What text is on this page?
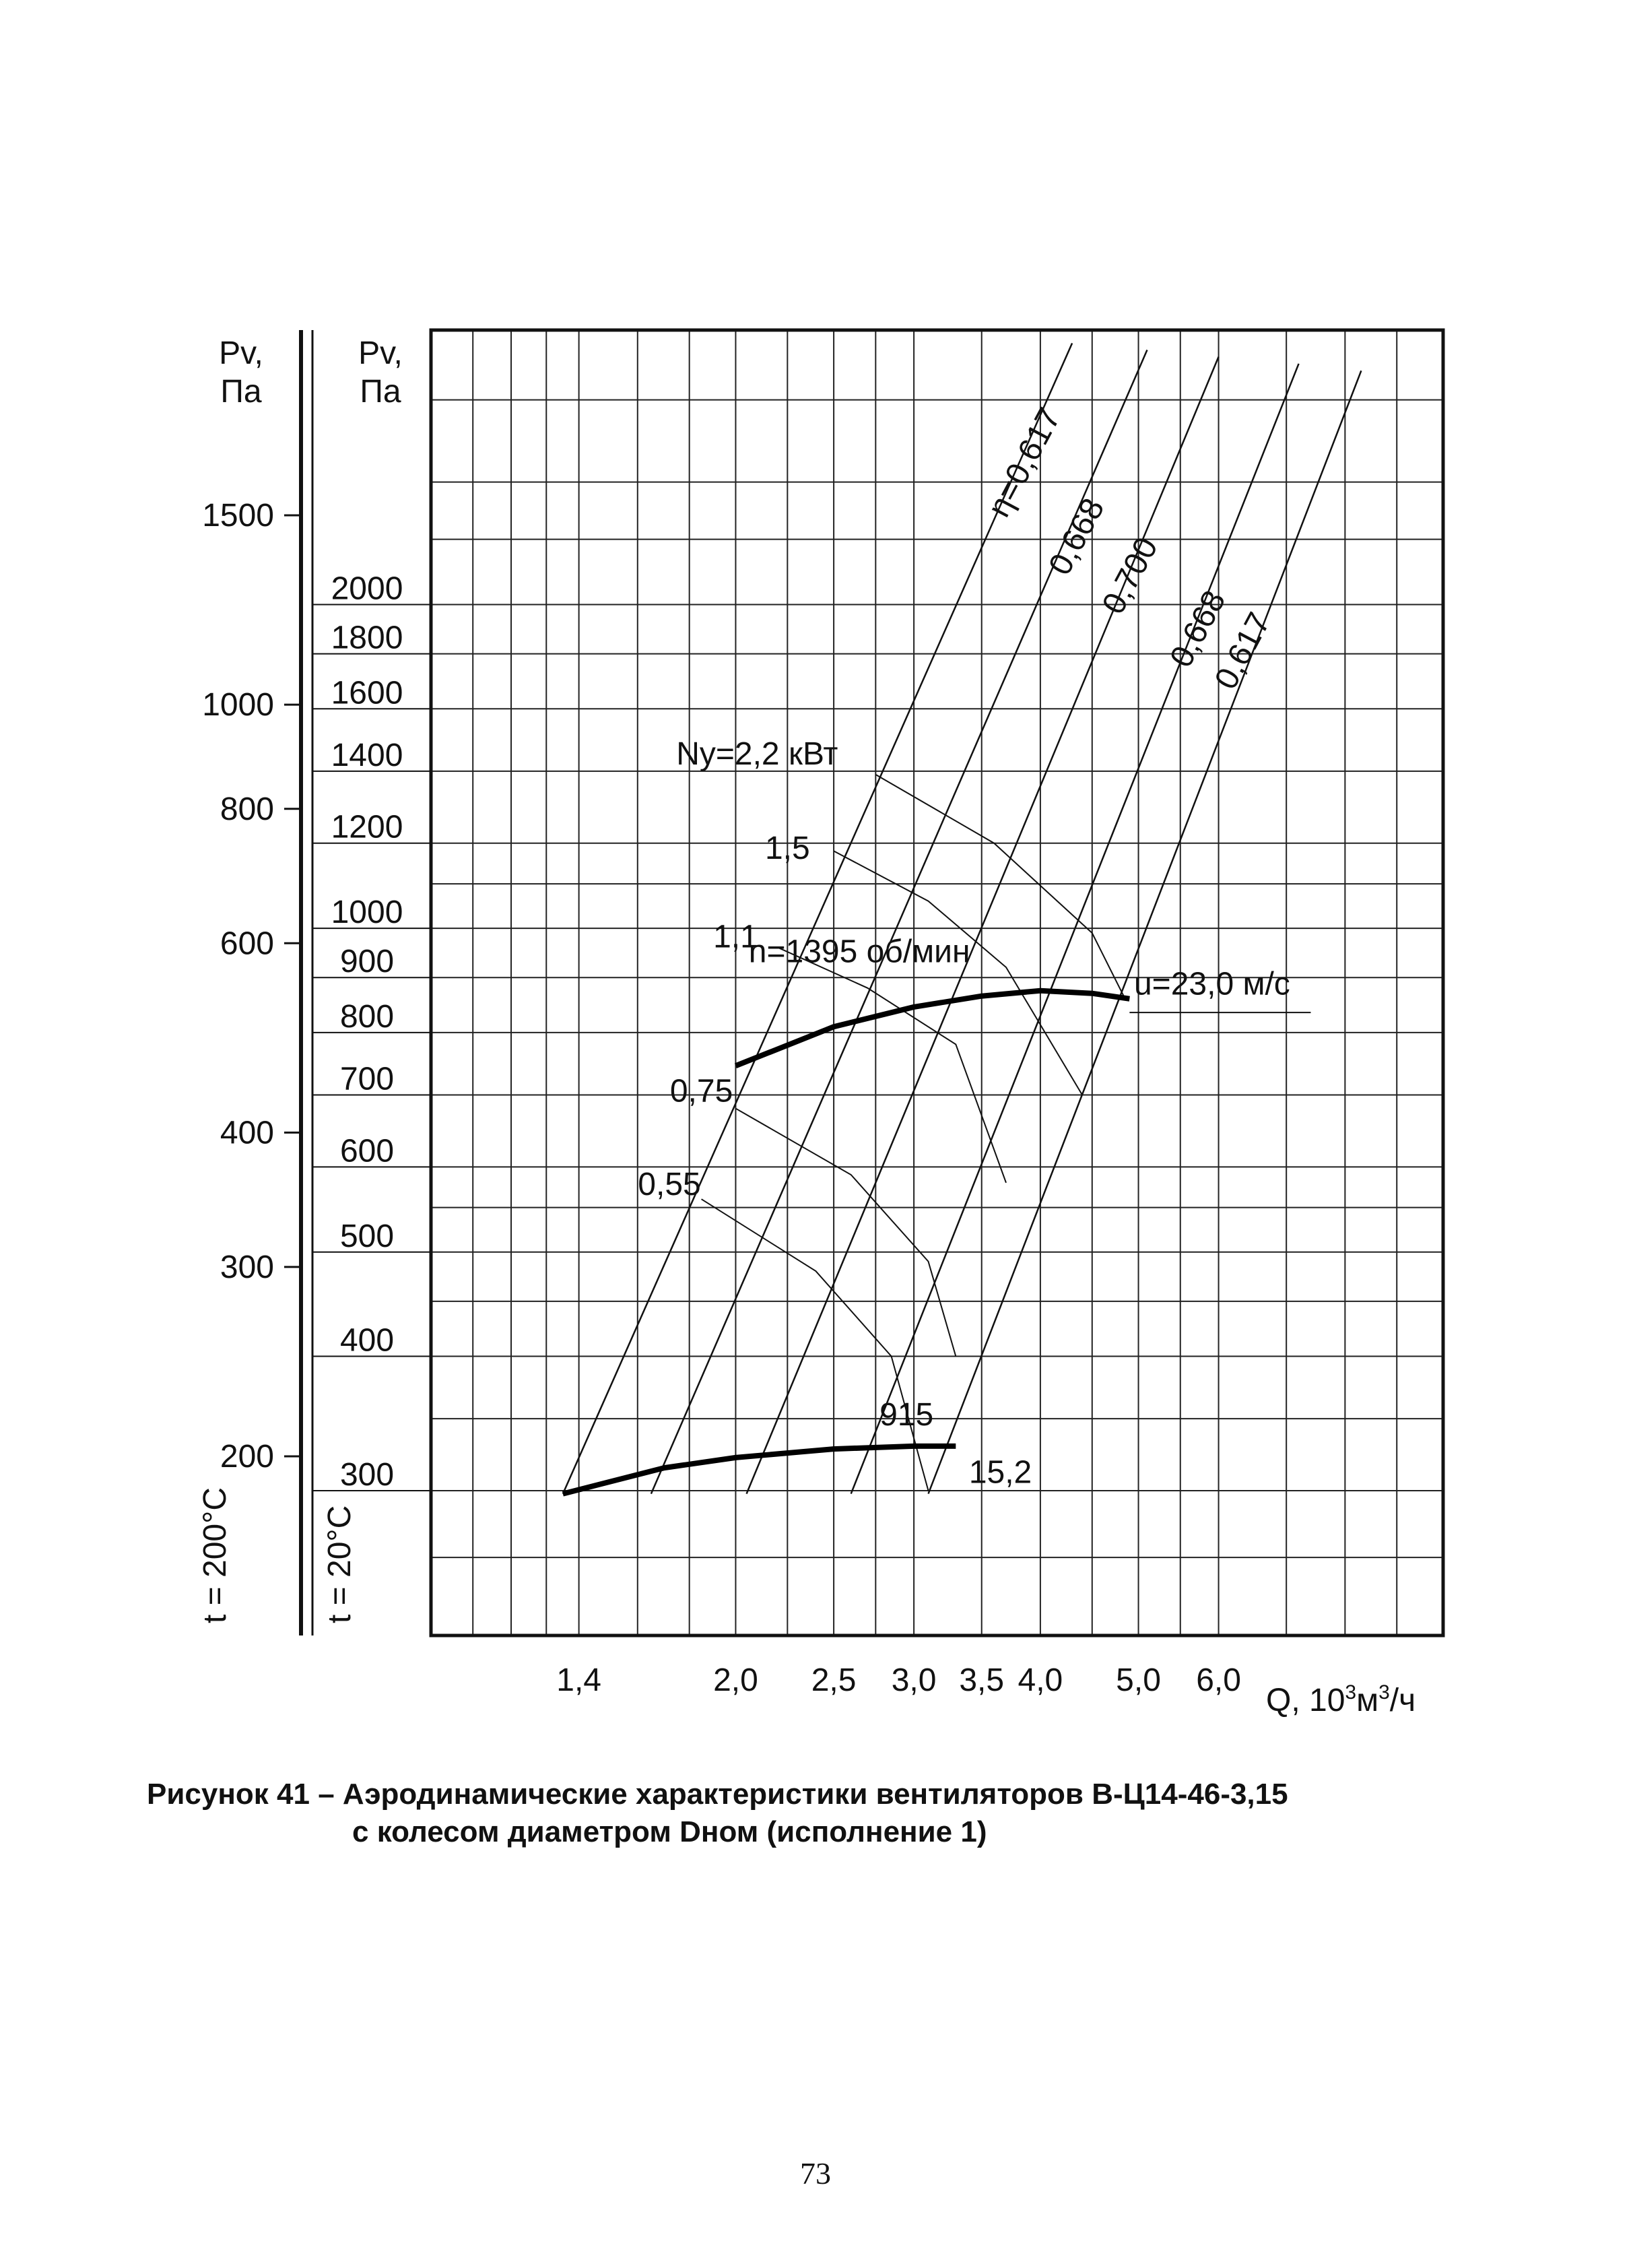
200
300
400
600
800
1000
1500
300
400
500
600
700
800
900
1000
1200
1400
1600
1800
2000
1,4	2,0 2,5 3,0 3,5 4,0 5,0 6,0
η=0,617
0,668
0,700
0,668
0,617
Nу=2,2 кВт
1,5
1,1
0,75
0,55
n=1395 об/мин
915
u=23,0 м/с
15,2
Pv,
Па
Pv,
Па
t = 200°C	t = 20°C
Q, $10^3м^3/ч$
Рисунок 41 – Аэродинамические характеристики вентиляторов В-Ц14-46-3,15
с колесом диаметром Dном (исполнение 1)
73
